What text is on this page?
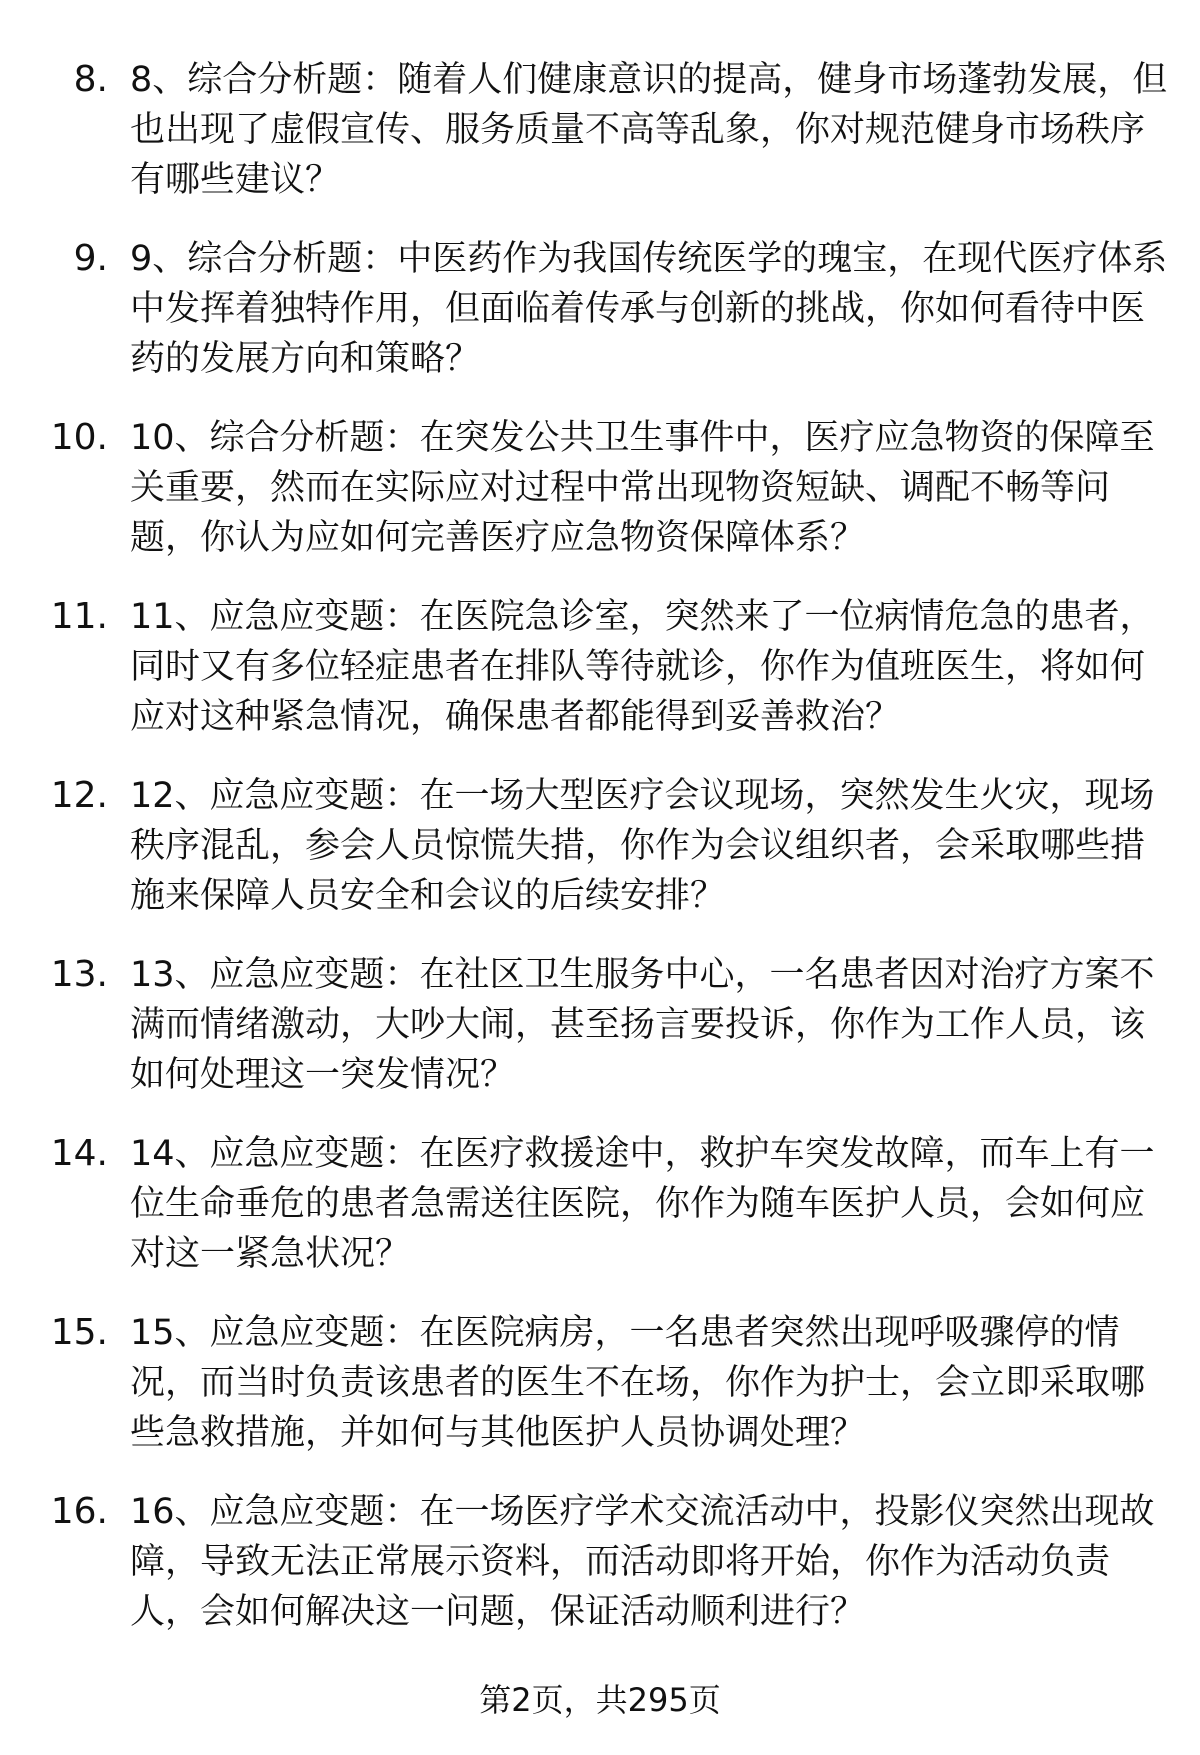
8. 8、综合分析题：随着人们健康意识的提高，健身市场蓬勃发展，但也出现了虚假宣传、服务质量不高等乱象，你对规范健身市场秩序有哪些建议？
9. 9、综合分析题：中医药作为我国传统医学的瑰宝，在现代医疗体系中发挥着独特作用，但面临着传承与创新的挑战，你如何看待中医药的发展方向和策略？
10. 10、综合分析题：在突发公共卫生事件中，医疗应急物资的保障至关重要，然而在实际应对过程中常出现物资短缺、调配不畅等问题，你认为应如何完善医疗应急物资保障体系？
11. 11、应急应变题：在医院急诊室，突然来了一位病情危急的患者，同时又有多位轻症患者在排队等待就诊，你作为值班医生，将如何应对这种紧急情况，确保患者都能得到妥善救治？
12. 12、应急应变题：在一场大型医疗会议现场，突然发生火灾，现场秩序混乱，参会人员惊慌失措，你作为会议组织者，会采取哪些措施来保障人员安全和会议的后续安排？
13. 13、应急应变题：在社区卫生服务中心，一名患者因对治疗方案不满而情绪激动，大吵大闹，甚至扬言要投诉，你作为工作人员，该如何处理这一突发情况？
14. 14、应急应变题：在医疗救援途中，救护车突发故障，而车上有一位生命垂危的患者急需送往医院，你作为随车医护人员，会如何应对这一紧急状况？
15. 15、应急应变题：在医院病房，一名患者突然出现呼吸骤停的情况，而当时负责该患者的医生不在场，你作为护士，会立即采取哪些急救措施，并如何与其他医护人员协调处理？
16. 16、应急应变题：在一场医疗学术交流活动中，投影仪突然出现故障，导致无法正常展示资料，而活动即将开始，你作为活动负责人，会如何解决这一问题，保证活动顺利进行？
第2页，共295页
